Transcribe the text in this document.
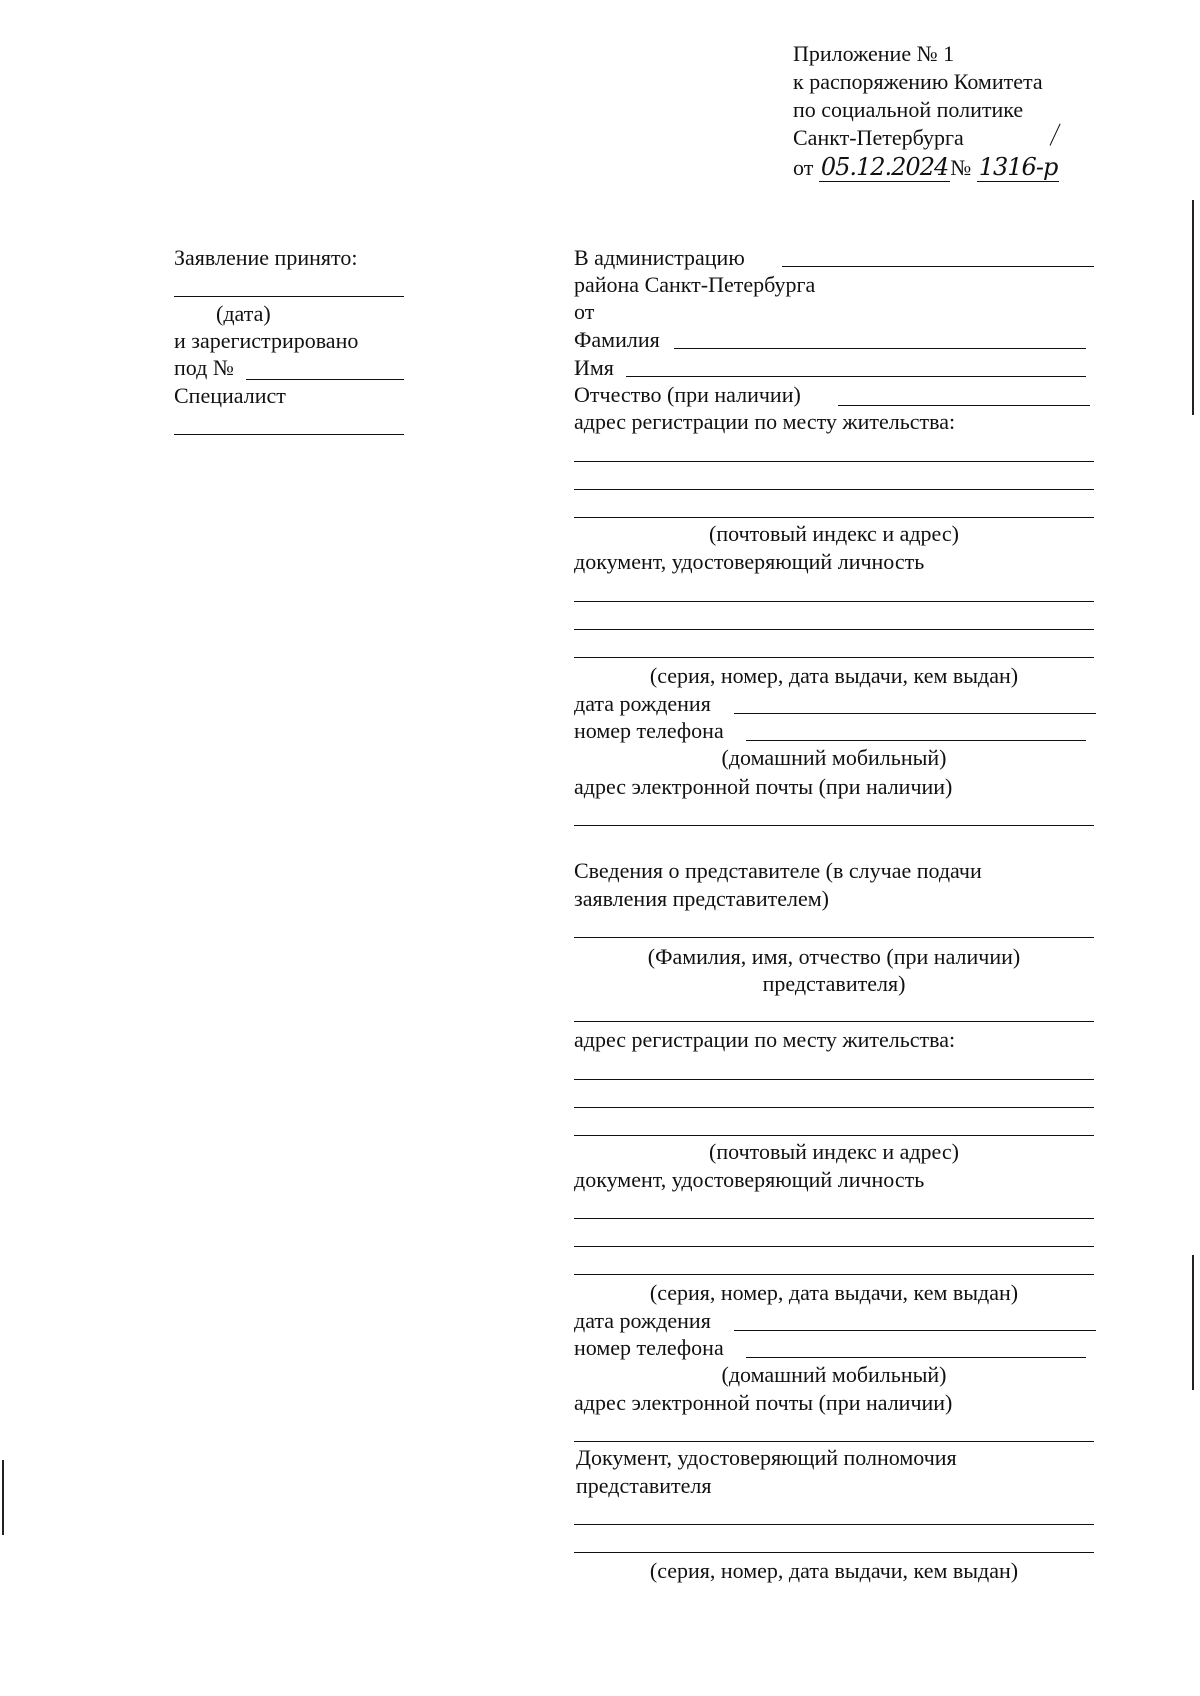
Приложение № 1
к распоряжению Комитета
по социальной политике
Санкт-Петербурга
от 05.12.2024№ 1316-р
Заявление принято:
(дата)
и зарегистрировано
под №
Специалист
В администрацию
района Санкт-Петербурга
от
Фамилия
Имя
Отчество (при наличии)
адрес регистрации по месту жительства:
(почтовый индекс и адрес)
документ, удостоверяющий личность
(серия, номер, дата выдачи, кем выдан)
дата рождения
номер телефона
(домашний мобильный)
адрес электронной почты (при наличии)
Сведения о представителе (в случае подачи
заявления представителем)
(Фамилия, имя, отчество (при наличии)
представителя)
адрес регистрации по месту жительства:
(почтовый индекс и адрес)
документ, удостоверяющий личность
(серия, номер, дата выдачи, кем выдан)
дата рождения
номер телефона
(домашний мобильный)
адрес электронной почты (при наличии)
Документ, удостоверяющий полномочия
представителя
(серия, номер, дата выдачи, кем выдан)
